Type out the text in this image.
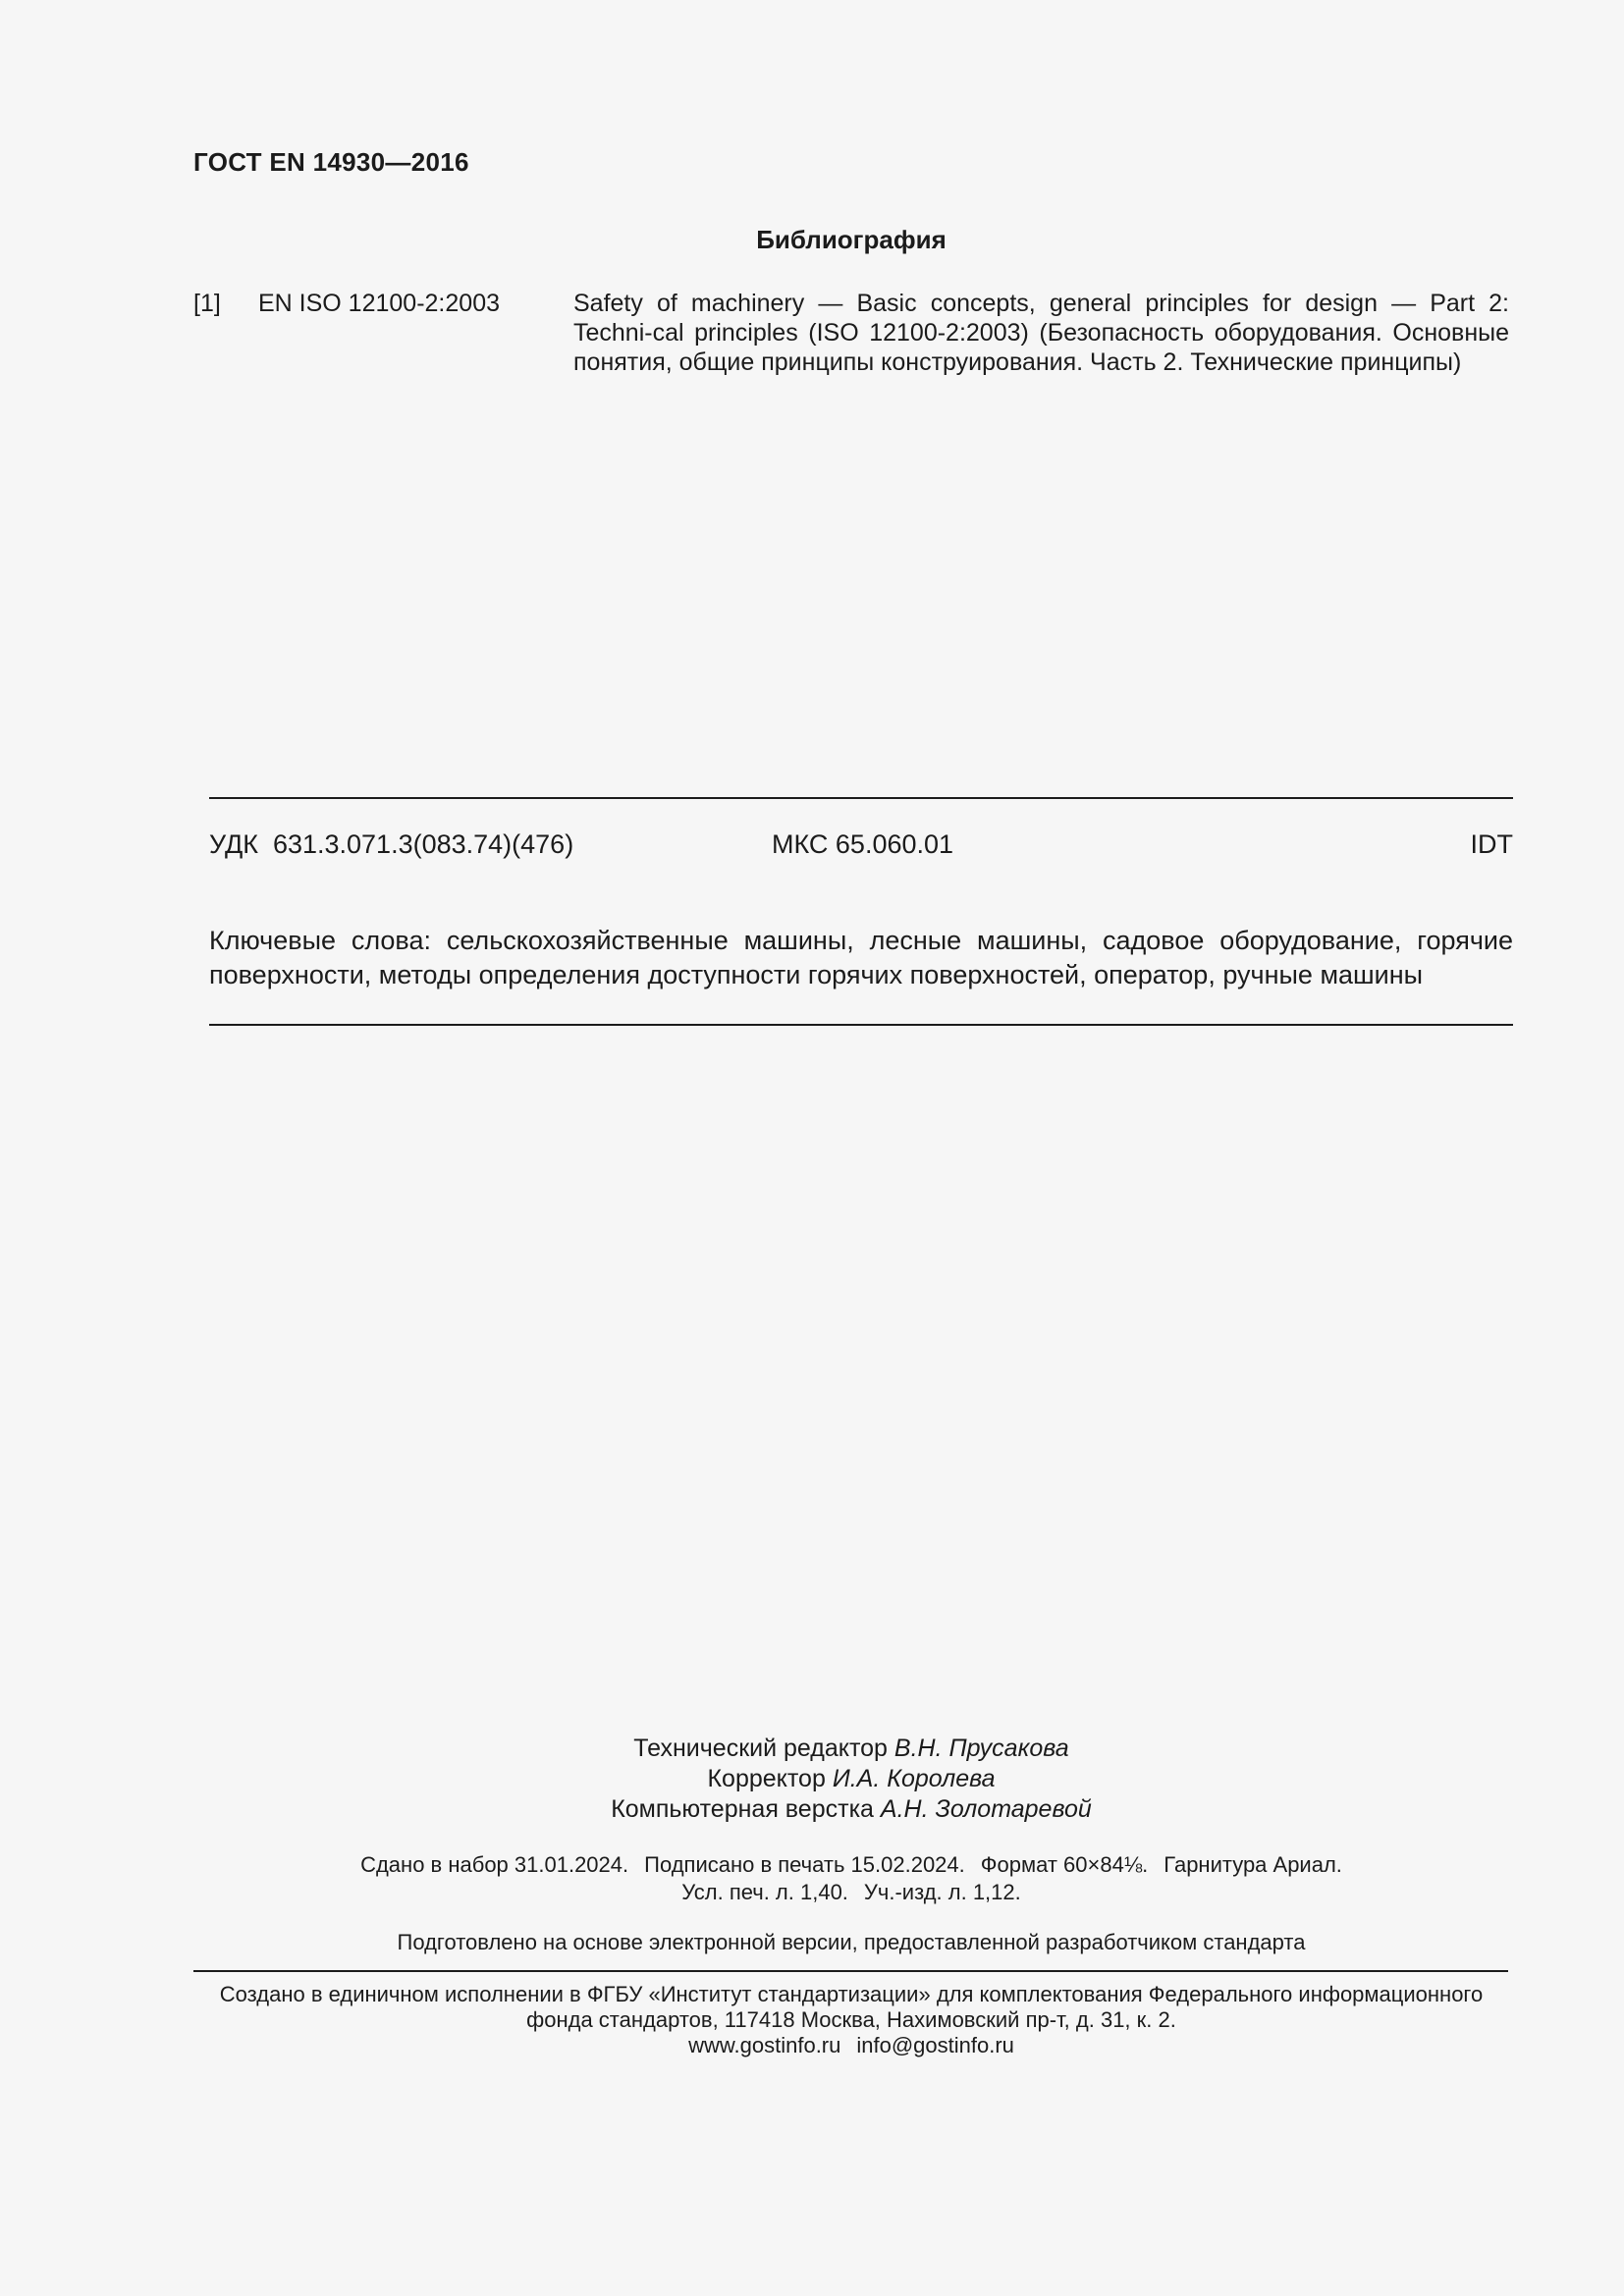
ГОСТ EN 14930—2016
Библиография
[1] EN ISO 12100-2:2003	Safety of machinery — Basic concepts, general principles for design — Part 2: Techni-cal principles (ISO 12100-2:2003) (Безопасность оборудования. Основные понятия, общие принципы конструирования. Часть 2. Технические принципы)
УДК  631.3.071.3(083.74)(476)	МКС 65.060.01	IDT
Ключевые слова: сельскохозяйственные машины, лесные машины, садовое оборудование, горячие поверхности, методы определения доступности горячих поверхностей, оператор, ручные машины
Технический редактор В.Н. Прусакова
Корректор И.А. Королева
Компьютерная верстка А.Н. Золотаревой
Сдано в набор 31.01.2024. Подписано в печать 15.02.2024. Формат 60×84⅛. Гарнитура Ариал.
Усл. печ. л. 1,40. Уч.-изд. л. 1,12.
Подготовлено на основе электронной версии, предоставленной разработчиком стандарта
Создано в единичном исполнении в ФГБУ «Институт стандартизации» для комплектования Федерального информационного
фонда стандартов, 117418 Москва, Нахимовский пр-т, д. 31, к. 2.
www.gostinfo.ru info@gostinfo.ru
